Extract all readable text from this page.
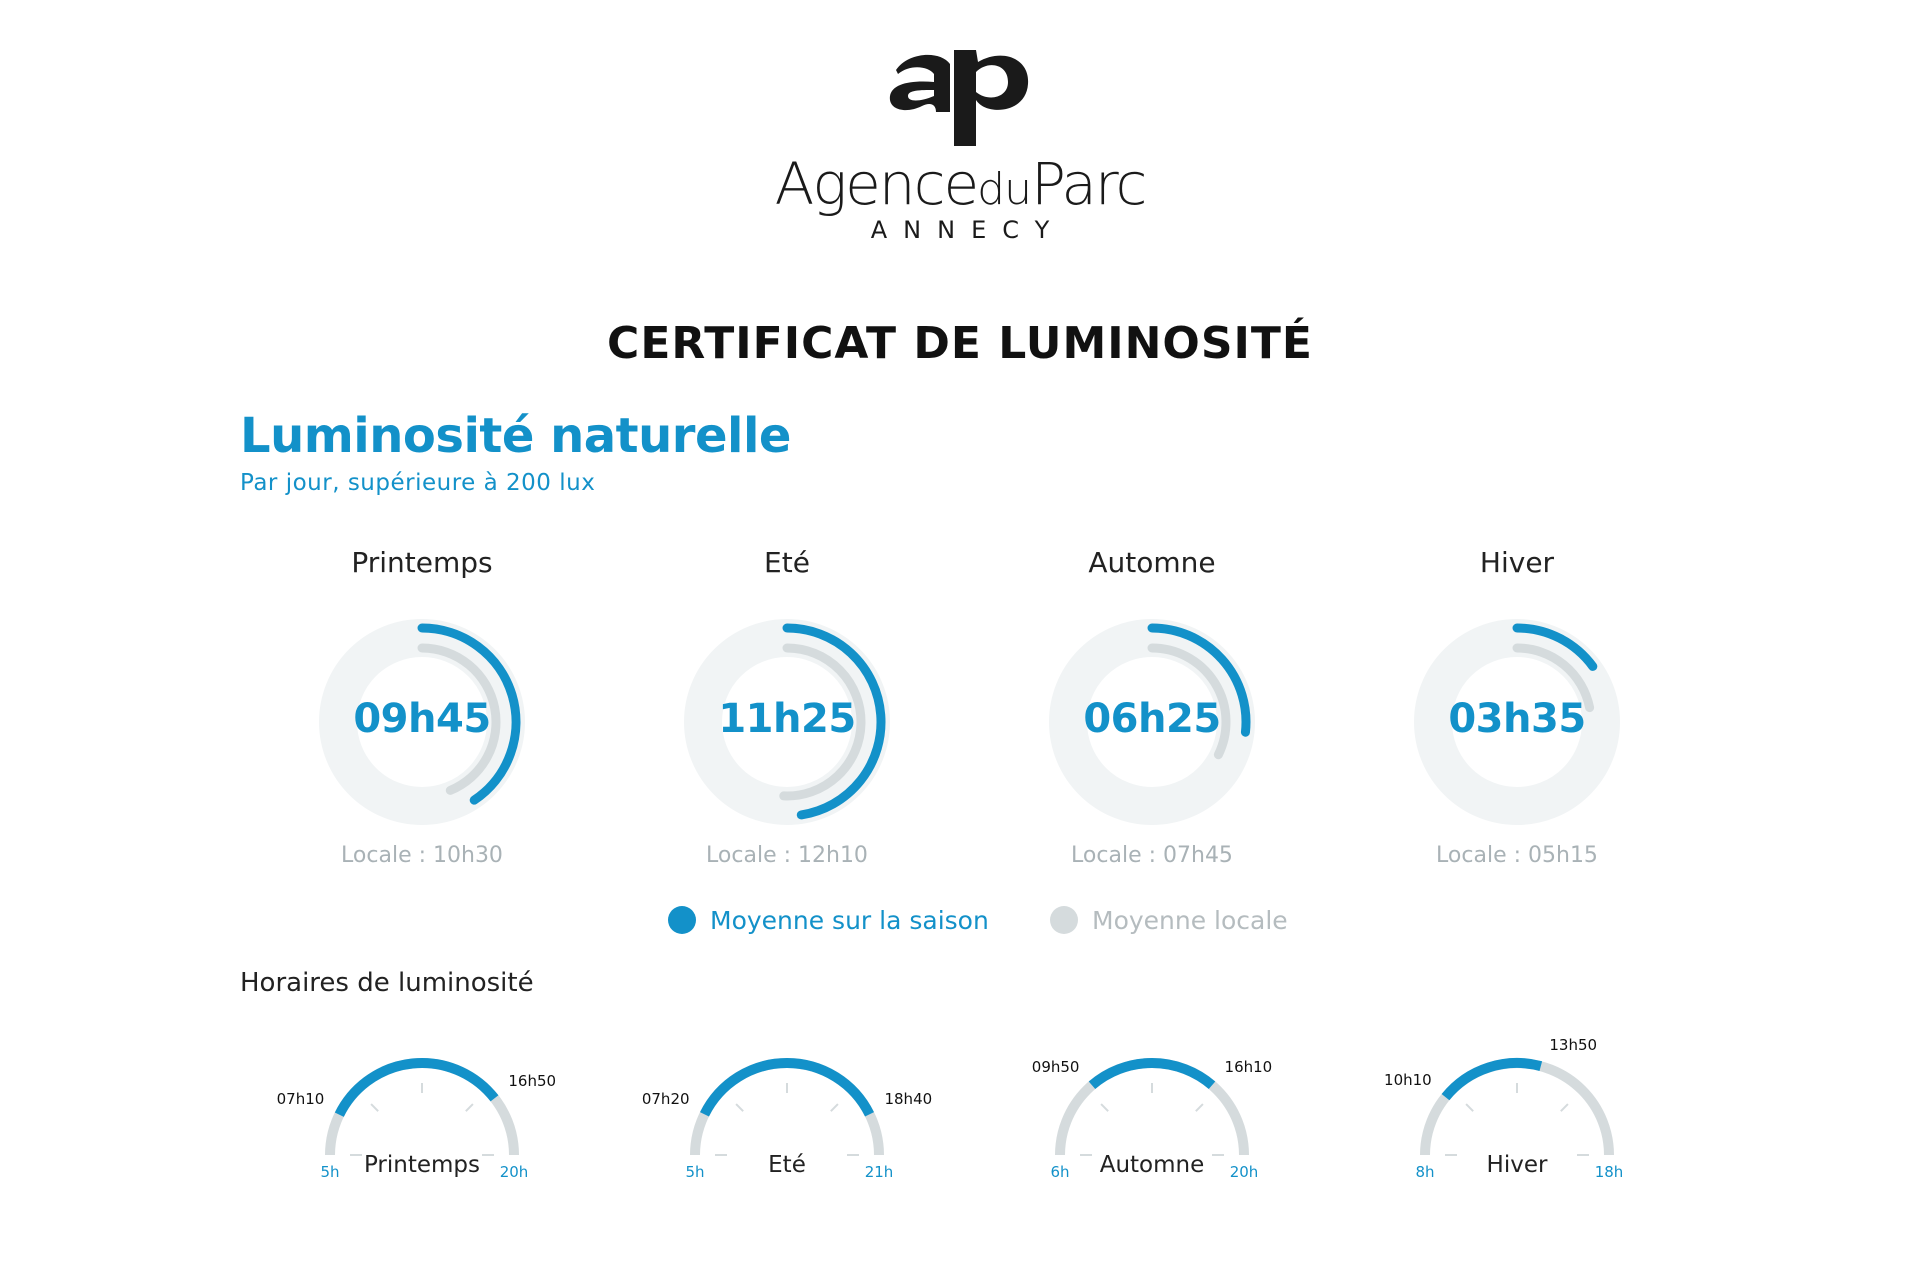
AgenceduParc
ANNECY
CERTIFICAT DE LUMINOSITÉ
Luminosité naturelle
Par jour, supérieure à 200 lux
Printemps	Eté	Automne	Hiver
09h45	11h25	06h25	03h35
Locale : 10h30	Locale : 12h10	Locale : 07h45	Locale : 05h15
Moyenne sur la saison	Moyenne locale
Horaires de luminosité
Printemps	Eté	Automne	Hiver
07h10
16h50
5h	20h
07h20	18h40
5h	21h
09h50	16h10
6h	20h
10h10
13h50
8h	18h
